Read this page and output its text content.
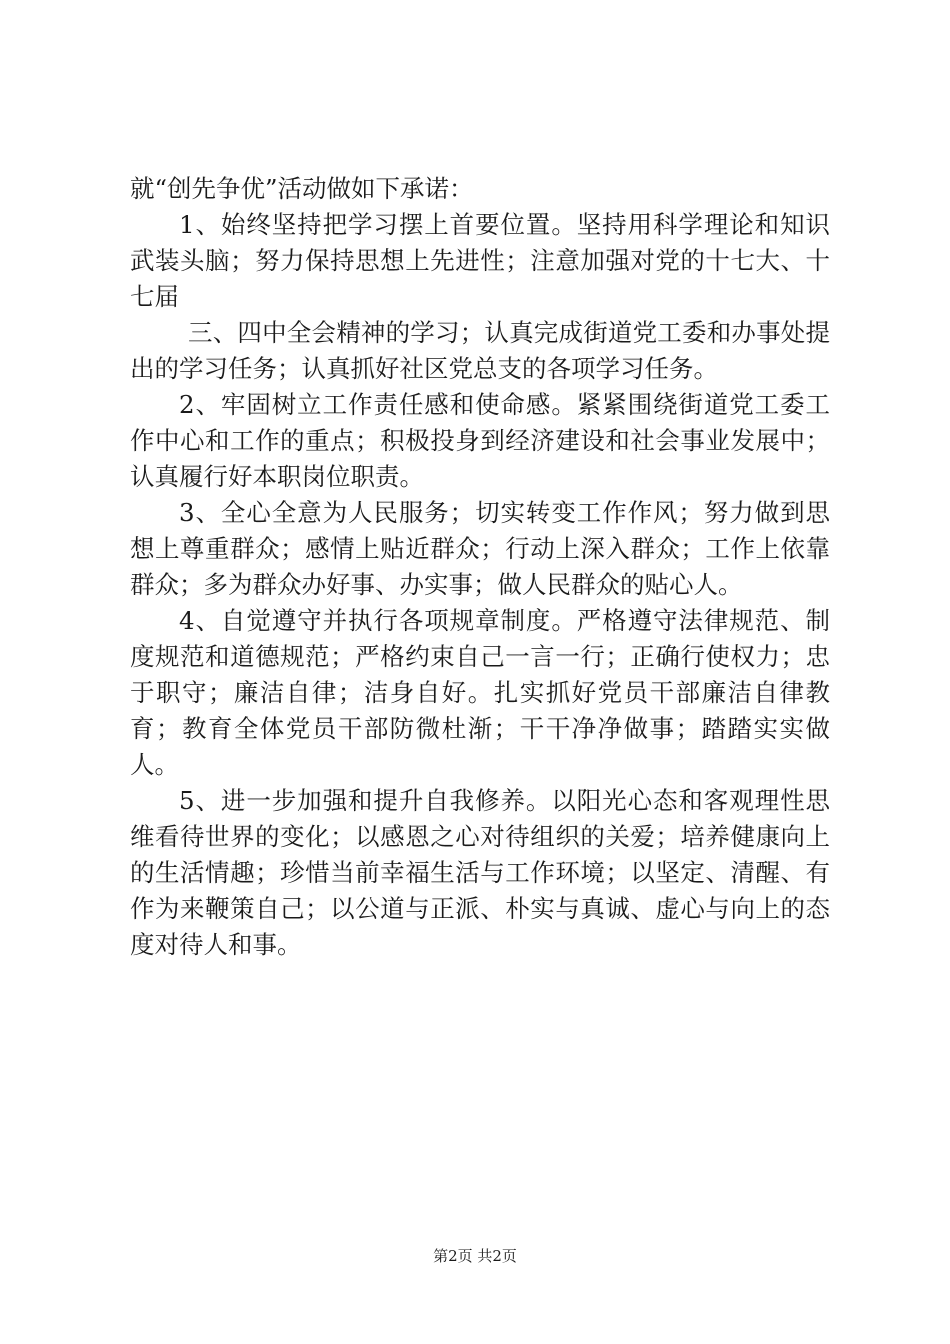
就“创先争优”活动做如下承诺：

1、始终坚持把学习摆上首要位置。坚持用科学理论和知识武装头脑；努力保持思想上先进性；注意加强对党的十七大、十七届

三、四中全会精神的学习；认真完成街道党工委和办事处提出的学习任务；认真抓好社区党总支的各项学习任务。

2、牢固树立工作责任感和使命感。紧紧围绕街道党工委工作中心和工作的重点；积极投身到经济建设和社会事业发展中；认真履行好本职岗位职责。

3、全心全意为人民服务；切实转变工作作风；努力做到思想上尊重群众；感情上贴近群众；行动上深入群众；工作上依靠群众；多为群众办好事、办实事；做人民群众的贴心人。

4、自觉遵守并执行各项规章制度。严格遵守法律规范、制度规范和道德规范；严格约束自己一言一行；正确行使权力；忠于职守；廉洁自律；洁身自好。扎实抓好党员干部廉洁自律教育；教育全体党员干部防微杜渐；干干净净做事；踏踏实实做人。

5、进一步加强和提升自我修养。以阳光心态和客观理性思维看待世界的变化；以感恩之心对待组织的关爱；培养健康向上的生活情趣；珍惜当前幸福生活与工作环境；以坚定、清醒、有作为来鞭策自己；以公道与正派、朴实与真诚、虚心与向上的态度对待人和事。

第2页 共2页
